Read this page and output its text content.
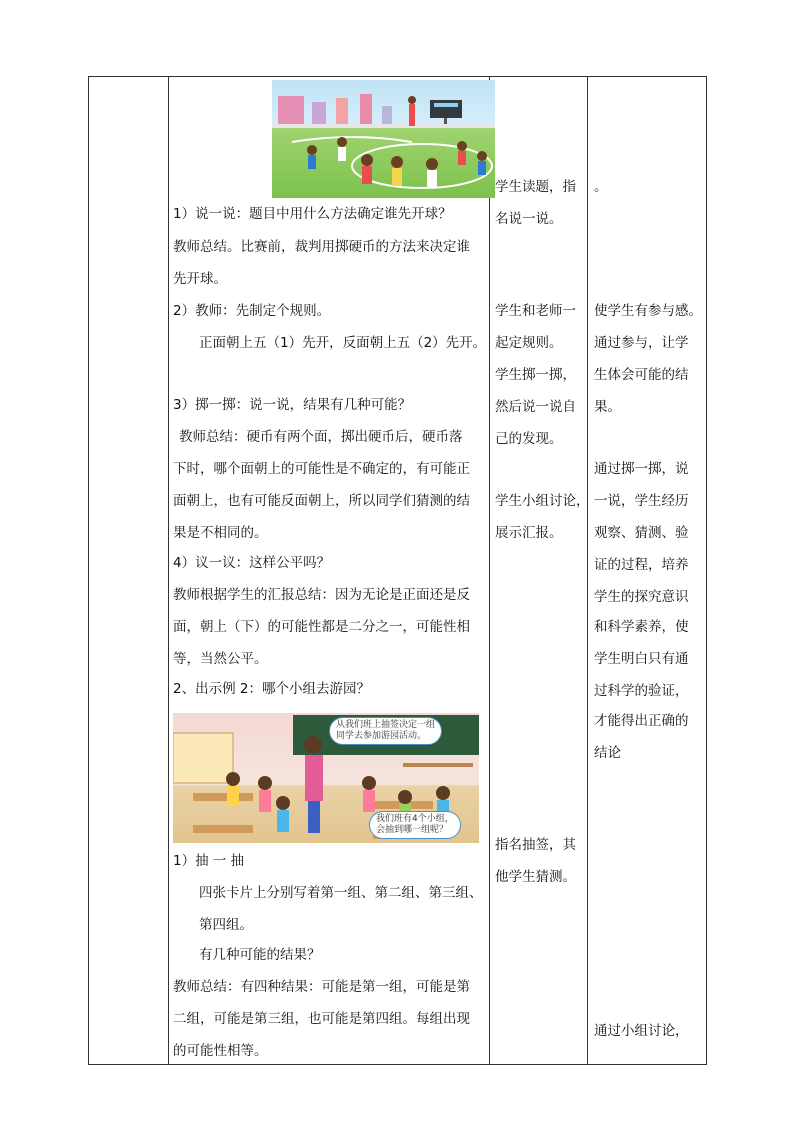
1）说一说：题目中用什么方法确定谁先开球？
教师总结。比赛前，裁判用掷硬币的方法来决定谁
先开球。
2）教师：先制定个规则。
正面朝上五（1）先开，反面朝上五（2）先开。
3）掷一掷：说一说，结果有几种可能？
教师总结：硬币有两个面，掷出硬币后，硬币落
下时，哪个面朝上的可能性是不确定的，有可能正
面朝上，也有可能反面朝上，所以同学们猜测的结
果是不相同的。
4）议一议：这样公平吗？
教师根据学生的汇报总结：因为无论是正面还是反
面，朝上（下）的可能性都是二分之一，可能性相
等，当然公平。
2、出示例 2：哪个小组去游园？
从我们班上抽签决定一组
同学去参加游园活动。
我们班有4个小组，
会抽到哪一组呢？
1）抽 一 抽
四张卡片上分别写着第一组、第二组、第三组、
第四组。
有几种可能的结果？
教师总结：有四种结果：可能是第一组，可能是第
二组，可能是第三组，也可能是第四组。每组出现
的可能性相等。
学生读题，指
名说一说。
学生和老师一
起定规则。
学生掷一掷，
然后说一说自
己的发现。
学生小组讨论，
展示汇报。
指名抽签，其
他学生猜测。
。
使学生有参与感。
通过参与，让学
生体会可能的结
果。
通过掷一掷，说
一说，学生经历
观察、猜测、验
证的过程，培养
学生的探究意识
和科学素养，使
学生明白只有通
过科学的验证，
才能得出正确的
结论
通过小组讨论，
